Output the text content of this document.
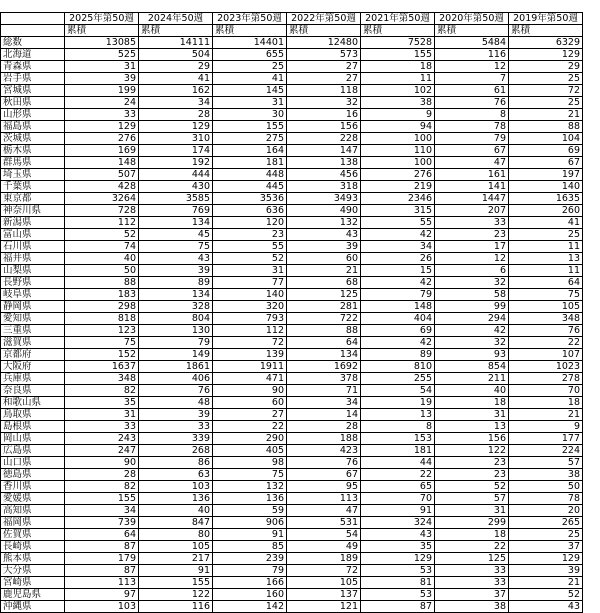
	2025年第50週	2024年50週	2023年第50週	2022年第50週	2021年第50週	2020年第50週	2019年第50週
	累積	累積	累積	累積	累積	累積	累積
総数	13085	14111	14401	12480	7528	5484	6329
北海道	525	504	655	573	155	116	129
青森県	31	29	25	27	18	12	29
岩手県	39	41	41	27	11	7	25
宮城県	199	162	145	118	102	61	72
秋田県	24	34	31	32	38	76	25
山形県	33	28	30	16	9	8	21
福島県	129	129	155	156	94	78	88
茨城県	276	310	275	228	100	79	104
栃木県	169	174	164	147	110	67	69
群馬県	148	192	181	138	100	47	67
埼玉県	507	444	448	456	276	161	197
千葉県	428	430	445	318	219	141	140
東京都	3264	3585	3536	3493	2346	1447	1635
神奈川県	728	769	636	490	315	207	260
新潟県	112	134	120	132	55	33	41
富山県	52	45	23	43	42	23	25
石川県	74	75	55	39	34	17	11
福井県	40	43	52	60	26	12	13
山梨県	50	39	31	21	15	6	11
長野県	88	89	77	68	42	32	64
岐阜県	183	134	140	125	79	58	75
静岡県	298	328	320	281	148	99	105
愛知県	818	804	793	722	404	294	348
三重県	123	130	112	88	69	42	76
滋賀県	75	79	72	64	42	32	22
京都府	152	149	139	134	89	93	107
大阪府	1637	1861	1911	1692	810	854	1023
兵庫県	348	406	471	378	255	211	278
奈良県	82	76	90	71	54	40	70
和歌山県	35	48	60	34	19	18	18
鳥取県	31	39	27	14	13	31	21
島根県	33	33	22	28	8	13	9
岡山県	243	339	290	188	153	156	177
広島県	247	268	405	423	181	122	224
山口県	90	86	98	76	44	23	57
徳島県	28	63	75	67	22	23	38
香川県	82	103	132	95	65	52	50
愛媛県	155	136	136	113	70	57	78
高知県	34	40	59	47	91	31	20
福岡県	739	847	906	531	324	299	265
佐賀県	64	80	91	54	43	18	25
長崎県	87	105	85	49	35	22	37
熊本県	179	217	239	189	129	125	129
大分県	87	91	79	72	53	33	39
宮崎県	113	155	166	105	81	33	21
鹿児島県	97	122	160	137	53	37	52
沖縄県	103	116	142	121	87	38	43
